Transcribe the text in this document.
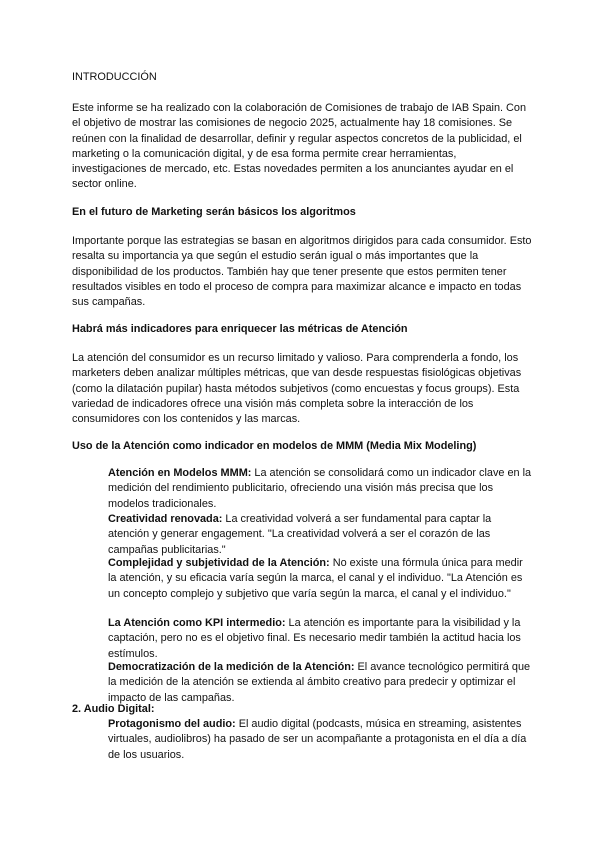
INTRODUCCIÓN

Este informe se ha realizado con la colaboración de Comisiones de trabajo de IAB Spain. Con el objetivo de mostrar las comisiones de negocio 2025, actualmente hay 18 comisiones. Se reúnen con la finalidad de desarrollar, definir y regular aspectos concretos de la publicidad, el marketing o la comunicación digital, y de esa forma permite crear herramientas, investigaciones de mercado, etc. Estas novedades permiten a los anunciantes ayudar en el sector online.

En el futuro de Marketing serán básicos los algoritmos

Importante porque las estrategias se basan en algoritmos dirigidos para cada consumidor. Esto resalta su importancia ya que según el estudio serán igual o más importantes que la disponibilidad de los productos. También hay que tener presente que estos permiten tener resultados visibles en todo el proceso de compra para maximizar alcance e impacto en todas sus campañas.

Habrá más indicadores para enriquecer las métricas de Atención

La atención del consumidor es un recurso limitado y valioso. Para comprenderla a fondo, los marketers deben analizar múltiples métricas, que van desde respuestas fisiológicas objetivas (como la dilatación pupilar) hasta métodos subjetivos (como encuestas y focus groups). Esta variedad de indicadores ofrece una visión más completa sobre la interacción de los consumidores con los contenidos y las marcas.

Uso de la Atención como indicador en modelos de MMM (Media Mix Modeling)

Atención en Modelos MMM: La atención se consolidará como un indicador clave en la medición del rendimiento publicitario, ofreciendo una visión más precisa que los modelos tradicionales.

Creatividad renovada: La creatividad volverá a ser fundamental para captar la atención y generar engagement. "La creatividad volverá a ser el corazón de las campañas publicitarias."

Complejidad y subjetividad de la Atención: No existe una fórmula única para medir la atención, y su eficacia varía según la marca, el canal y el individuo. "La Atención es un concepto complejo y subjetivo que varía según la marca, el canal y el individuo."

La Atención como KPI intermedio: La atención es importante para la visibilidad y la captación, pero no es el objetivo final. Es necesario medir también la actitud hacia los estímulos.

Democratización de la medición de la Atención: El avance tecnológico permitirá que la medición de la atención se extienda al ámbito creativo para predecir y optimizar el impacto de las campañas.

2. Audio Digital:

Protagonismo del audio: El audio digital (podcasts, música en streaming, asistentes virtuales, audiolibros) ha pasado de ser un acompañante a protagonista en el día a día de los usuarios.
